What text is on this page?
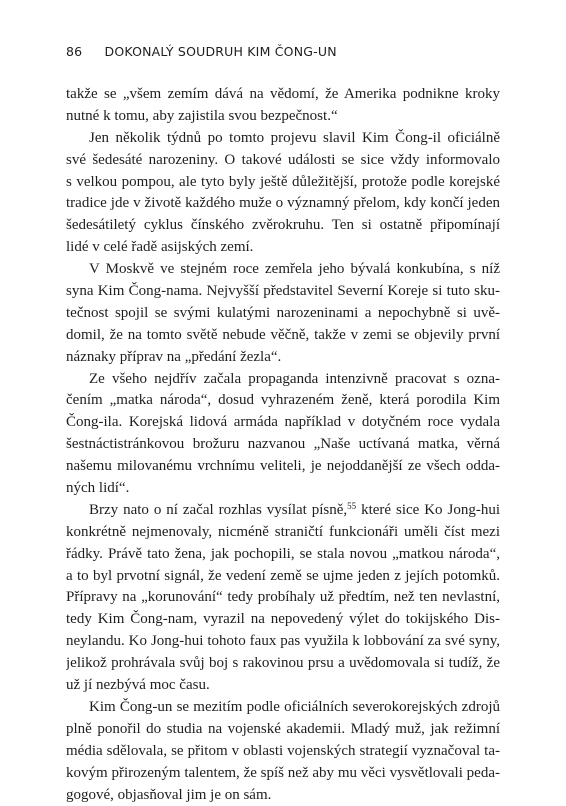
86 DOKONALÝ SOUDRUH KIM ČONG-UN
takže se „všem zemím dává na vědomí, že Amerika podnikne kroky
nutné k tomu, aby zajistila svou bezpečnost.“
Jen několik týdnů po tomto projevu slavil Kim Čong-il oficiálně
své šedesáté narozeniny. O takové události se sice vždy informovalo
s velkou pompou, ale tyto byly ještě důležitější, protože podle korejské
tradice jde v životě každého muže o významný přelom, kdy končí jeden
šedesátiletý cyklus čínského zvěrokruhu. Ten si ostatně připomínají
lidé v celé řadě asijských zemí.
V Moskvě ve stejném roce zemřela jeho bývalá konkubína, s níž
syna Kim Čong-nama. Nejvyšší představitel Severní Koreje si tuto sku-
tečnost spojil se svými kulatými narozeninami a nepochybně si uvě-
domil, že na tomto světě nebude věčně, takže v zemi se objevily první
náznaky příprav na „předání žezla“.
Ze všeho nejdřív začala propaganda intenzivně pracovat s ozna-
čením „matka národa“, dosud vyhrazeném ženě, která porodila Kim
Čong-ila. Korejská lidová armáda například v dotyčném roce vydala
šestnáctistránkovou brožuru nazvanou „Naše uctívaná matka, věrná
našemu milovanému vrchnímu veliteli, je nejoddanější ze všech odda-
ných lidí“.
Brzy nato o ní začal rozhlas vysílat písně,$^{55}$ které sice Ko Jong-hui
konkrétně nejmenovaly, nicméně straničtí funkcionáři uměli číst mezi
řádky. Právě tato žena, jak pochopili, se stala novou „matkou národa“,
a to byl prvotní signál, že vedení země se ujme jeden z jejích potomků.
Přípravy na „korunování“ tedy probíhaly už předtím, než ten nevlastní,
tedy Kim Čong-nam, vyrazil na nepovedený výlet do tokijského Dis-
neylandu. Ko Jong-hui tohoto faux pas využila k lobbování za své syny,
jelikož prohrávala svůj boj s rakovinou prsu a uvědomovala si tudíž, že
už jí nezbývá moc času.
Kim Čong-un se mezitím podle oficiálních severokorejských zdrojů
plně ponořil do studia na vojenské akademii. Mladý muž, jak režimní
média sdělovala, se přitom v oblasti vojenských strategií vyznačoval ta-
kovým přirozeným talentem, že spíš než aby mu věci vysvětlovali peda-
gogové, objasňoval jim je on sám.
